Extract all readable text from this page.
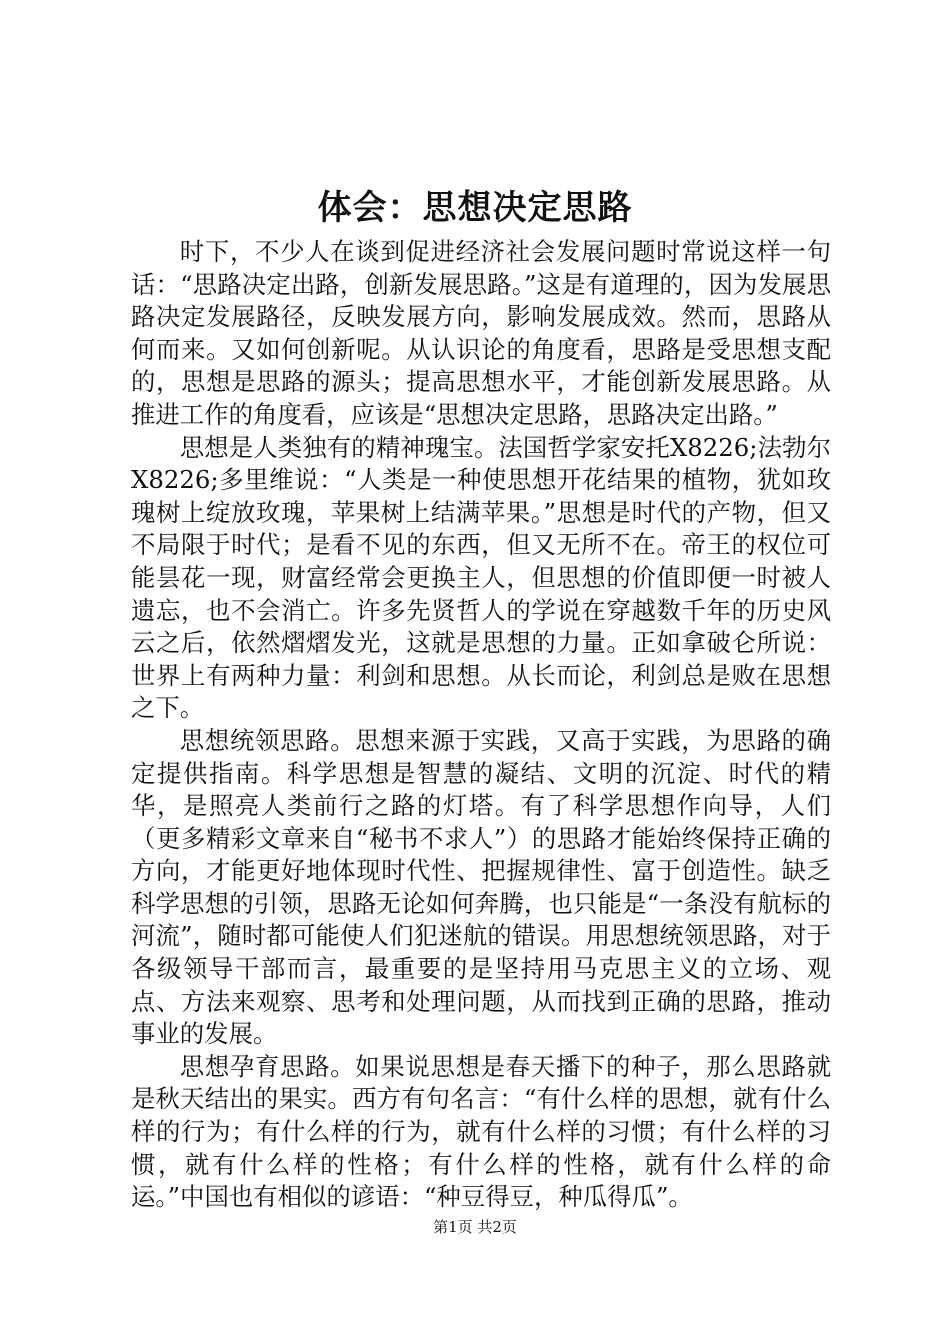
体会：思想决定思路

时下，不少人在谈到促进经济社会发展问题时常说这样一句话：“思路决定出路，创新发展思路。”这是有道理的，因为发展思路决定发展路径，反映发展方向，影响发展成效。然而，思路从何而来。又如何创新呢。从认识论的角度看，思路是受思想支配的，思想是思路的源头；提高思想水平，才能创新发展思路。从推进工作的角度看，应该是“思想决定思路，思路决定出路。”

思想是人类独有的精神瑰宝。法国哲学家安托X8226;法勃尔X8226;多里维说：“人类是一种使思想开花结果的植物，犹如玫瑰树上绽放玫瑰，苹果树上结满苹果。”思想是时代的产物，但又不局限于时代；是看不见的东西，但又无所不在。帝王的权位可能昙花一现，财富经常会更换主人，但思想的价值即便一时被人遗忘，也不会消亡。许多先贤哲人的学说在穿越数千年的历史风云之后，依然熠熠发光，这就是思想的力量。正如拿破仑所说：世界上有两种力量：利剑和思想。从长而论，利剑总是败在思想之下。

思想统领思路。思想来源于实践，又高于实践，为思路的确定提供指南。科学思想是智慧的凝结、文明的沉淀、时代的精华，是照亮人类前行之路的灯塔。有了科学思想作向导，人们（更多精彩文章来自“秘书不求人”）的思路才能始终保持正确的方向，才能更好地体现时代性、把握规律性、富于创造性。缺乏科学思想的引领，思路无论如何奔腾，也只能是“一条没有航标的河流”，随时都可能使人们犯迷航的错误。用思想统领思路，对于各级领导干部而言，最重要的是坚持用马克思主义的立场、观点、方法来观察、思考和处理问题，从而找到正确的思路，推动事业的发展。

思想孕育思路。如果说思想是春天播下的种子，那么思路就是秋天结出的果实。西方有句名言：“有什么样的思想，就有什么样的行为；有什么样的行为，就有什么样的习惯；有什么样的习惯，就有什么样的性格；有什么样的性格，就有什么样的命运。”中国也有相似的谚语：“种豆得豆，种瓜得瓜”。

第1页 共2页
